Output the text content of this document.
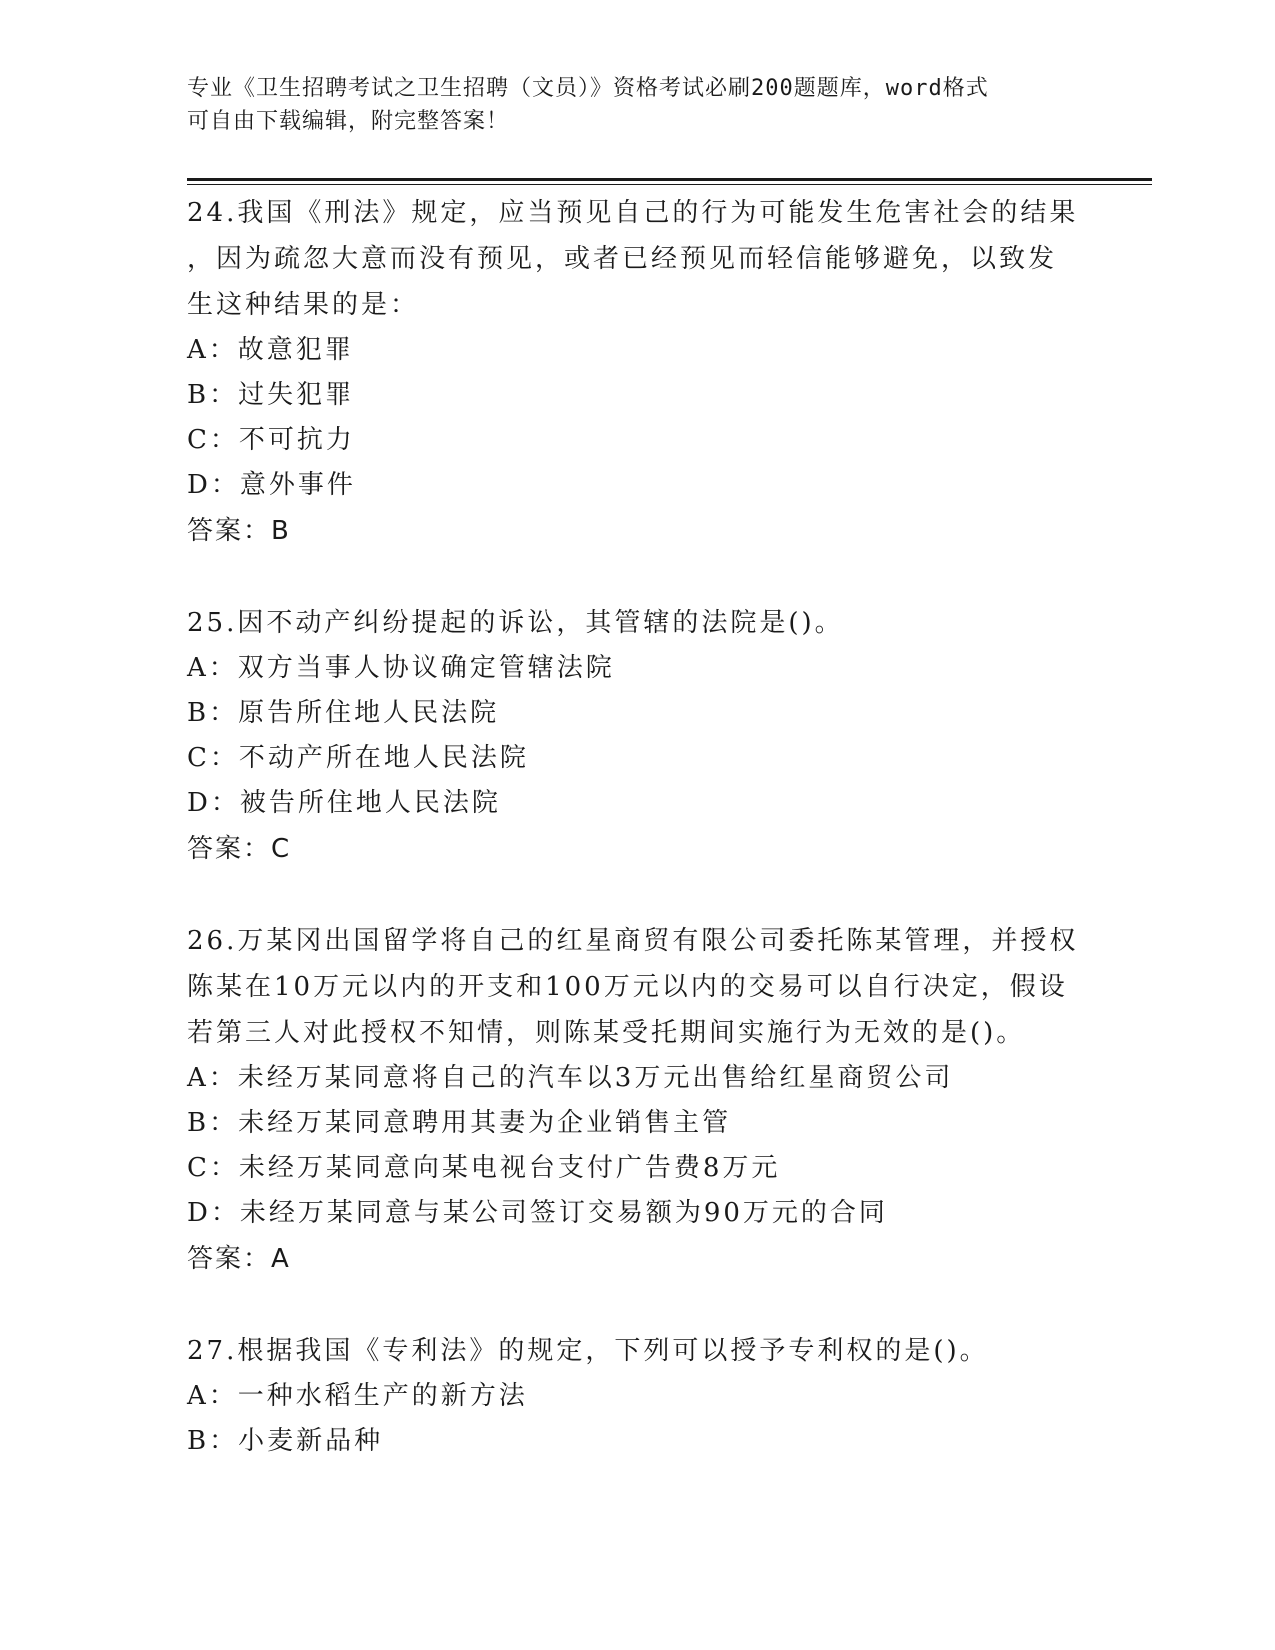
专业《卫生招聘考试之卫生招聘（文员）》资格考试必刷200题题库，word格式
可自由下载编辑，附完整答案！
24.我国《刑法》规定，应当预见自己的行为可能发生危害社会的结果
，因为疏忽大意而没有预见，或者已经预见而轻信能够避免，以致发
生这种结果的是：
A：故意犯罪
B：过失犯罪
C：不可抗力
D：意外事件
答案：B
25.因不动产纠纷提起的诉讼，其管辖的法院是()。
A：双方当事人协议确定管辖法院
B：原告所住地人民法院
C：不动产所在地人民法院
D：被告所住地人民法院
答案：C
26.万某冈出国留学将自己的红星商贸有限公司委托陈某管理，并授权
陈某在10万元以内的开支和100万元以内的交易可以自行决定，假设
若第三人对此授权不知情，则陈某受托期间实施行为无效的是()。
A：未经万某同意将自己的汽车以3万元出售给红星商贸公司
B：未经万某同意聘用其妻为企业销售主管
C：未经万某同意向某电视台支付广告费8万元
D：未经万某同意与某公司签订交易额为90万元的合同
答案：A
27.根据我国《专利法》的规定，下列可以授予专利权的是()。
A：一种水稻生产的新方法
B：小麦新品种
